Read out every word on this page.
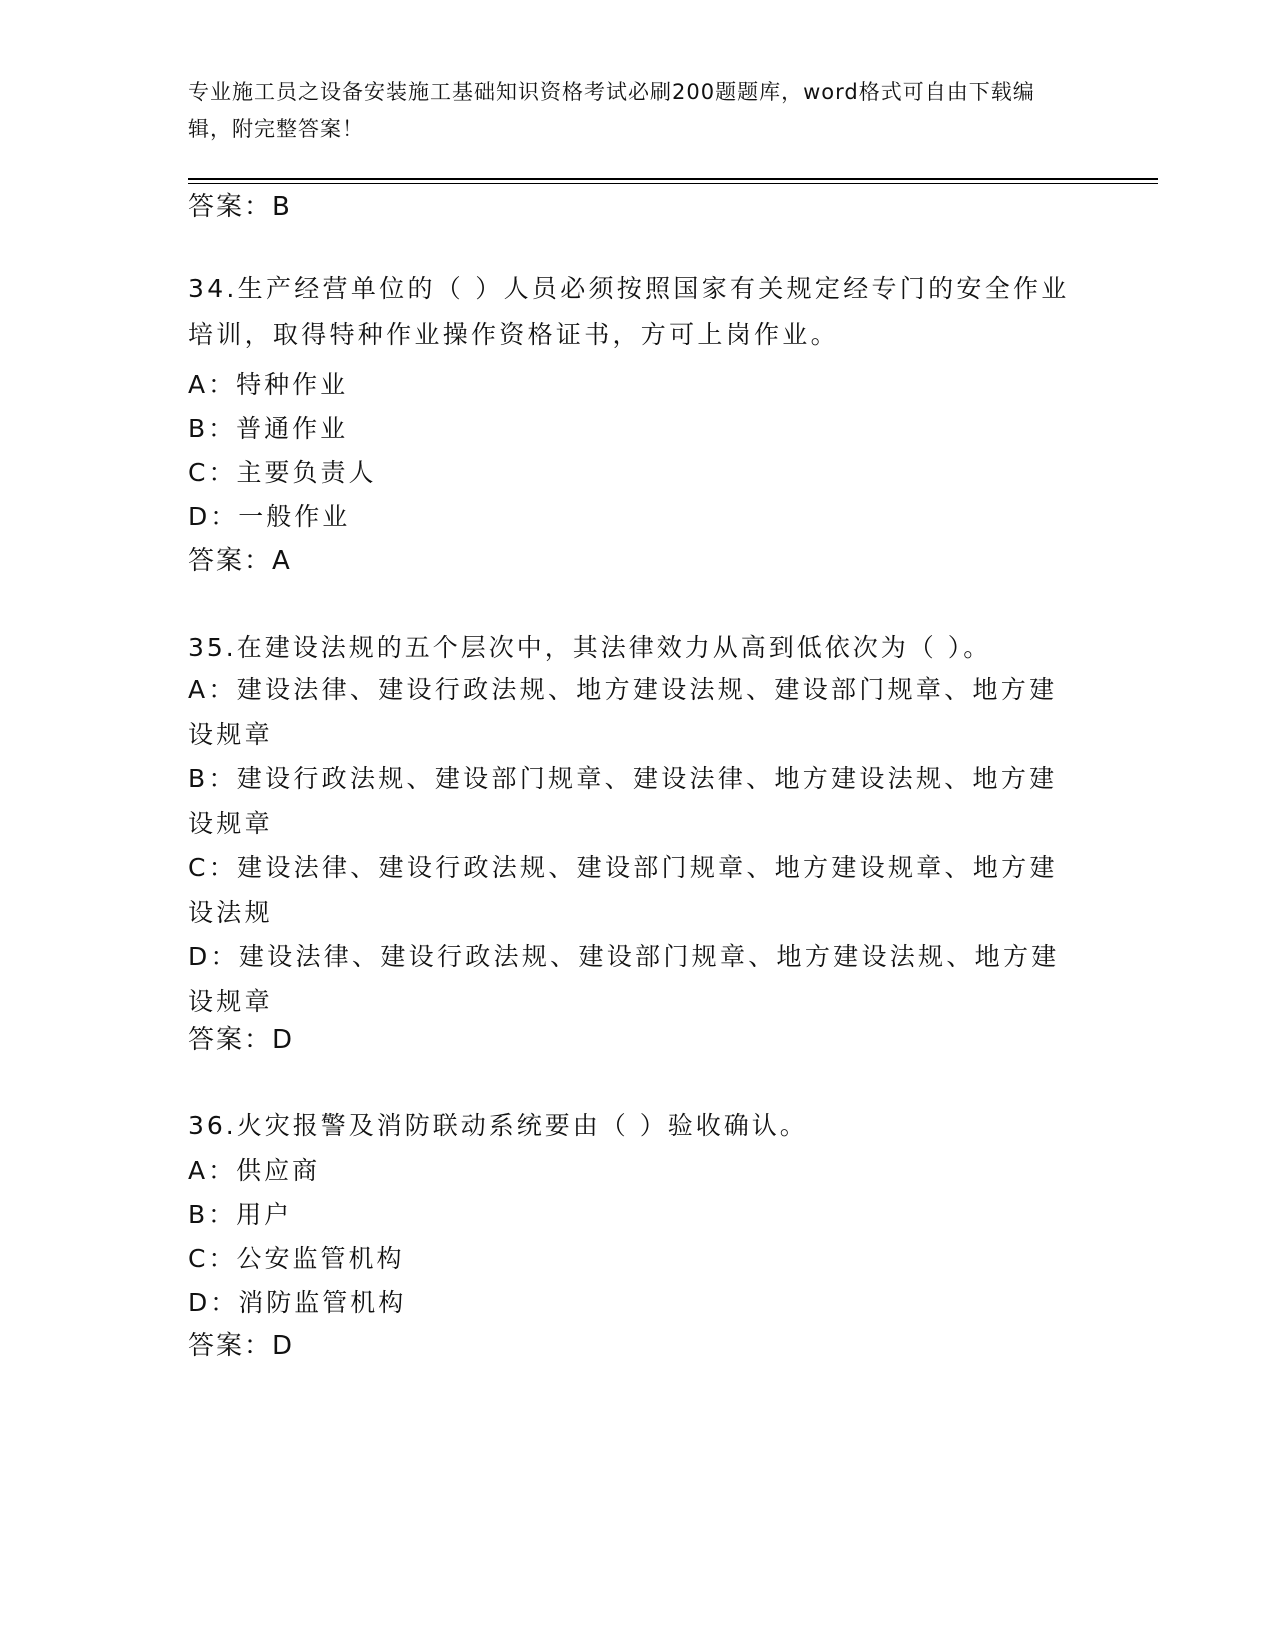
专业施工员之设备安装施工基础知识资格考试必刷200题题库，word格式可自由下载编辑，附完整答案！
答案：B
34.生产经营单位的（ ）人员必须按照国家有关规定经专门的安全作业培训，取得特种作业操作资格证书，方可上岗作业。
A：特种作业
B：普通作业
C：主要负责人
D：一般作业
答案：A
35.在建设法规的五个层次中，其法律效力从高到低依次为（ ）。
A：建设法律、建设行政法规、地方建设法规、建设部门规章、地方建设规章
B：建设行政法规、建设部门规章、建设法律、地方建设法规、地方建设规章
C：建设法律、建设行政法规、建设部门规章、地方建设规章、地方建设法规
D：建设法律、建设行政法规、建设部门规章、地方建设法规、地方建设规章
答案：D
36.火灾报警及消防联动系统要由（ ）验收确认。
A：供应商
B：用户
C：公安监管机构
D：消防监管机构
答案：D
